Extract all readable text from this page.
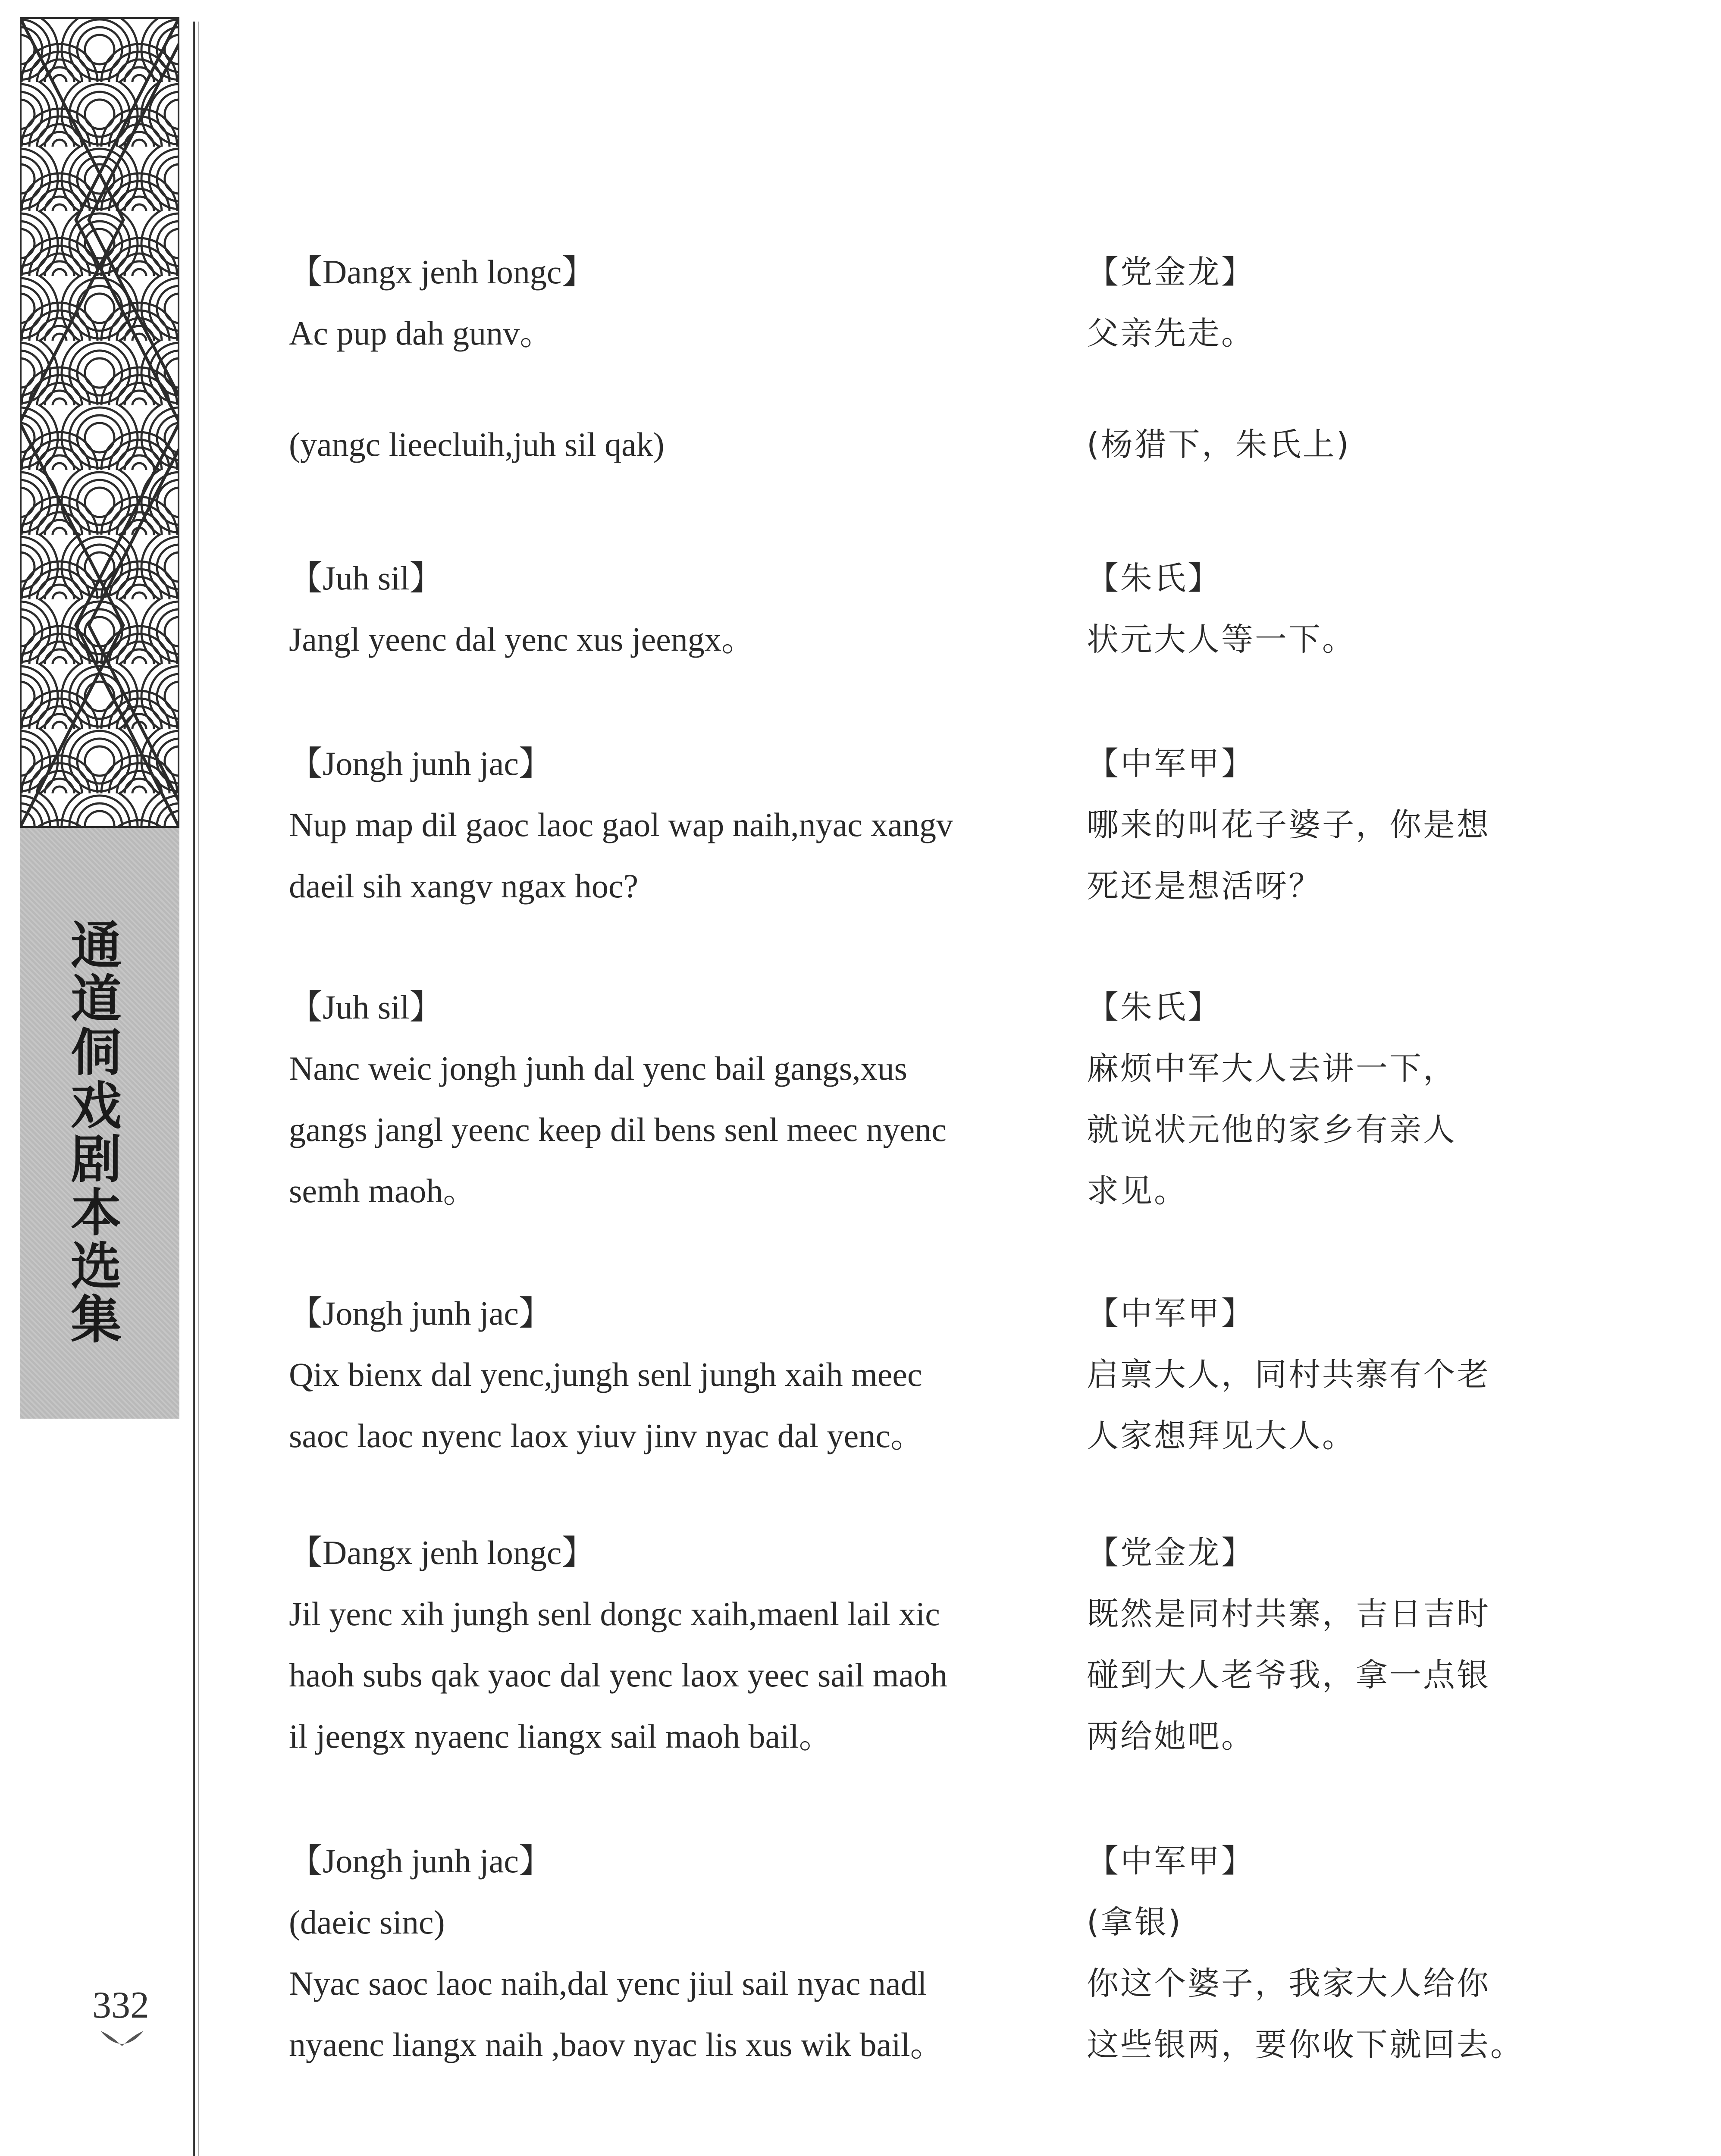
通道侗戏剧本选集
332
【Dangx jenh longc】
Ac pup dah gunv。
【党金龙】
父亲先走。
(yangc lieecluih,juh sil qak)	(杨猎下，朱氏上)
【Juh sil】
Jangl yeenc dal yenc xus jeengx。
【朱氏】
状元大人等一下。
【Jongh junh jac】
Nup map dil gaoc laoc gaol wap naih,nyac xangv
daeil sih xangv ngax hoc?
【中军甲】
哪来的叫花子婆子，你是想
死还是想活呀？
【Juh sil】
Nanc weic jongh junh dal yenc bail gangs,xus
gangs jangl yeenc keep dil bens senl meec nyenc
semh maoh。
【朱氏】
麻烦中军大人去讲一下，
就说状元他的家乡有亲人
求见。
【Jongh junh jac】
Qix bienx dal yenc,jungh senl jungh xaih meec
saoc laoc nyenc laox yiuv jinv nyac dal yenc。
【中军甲】
启禀大人，同村共寨有个老
人家想拜见大人。
【Dangx jenh longc】
Jil yenc xih jungh senl dongc xaih,maenl lail xic
haoh subs qak yaoc dal yenc laox yeec sail maoh
il jeengx nyaenc liangx sail maoh bail。
【党金龙】
既然是同村共寨，吉日吉时
碰到大人老爷我，拿一点银
两给她吧。
【Jongh junh jac】
(daeic sinc)
Nyac saoc laoc naih,dal yenc jiul sail nyac nadl
nyaenc liangx naih ,baov nyac lis xus wik bail。
【中军甲】
(拿银)
你这个婆子，我家大人给你
这些银两，要你收下就回去。
